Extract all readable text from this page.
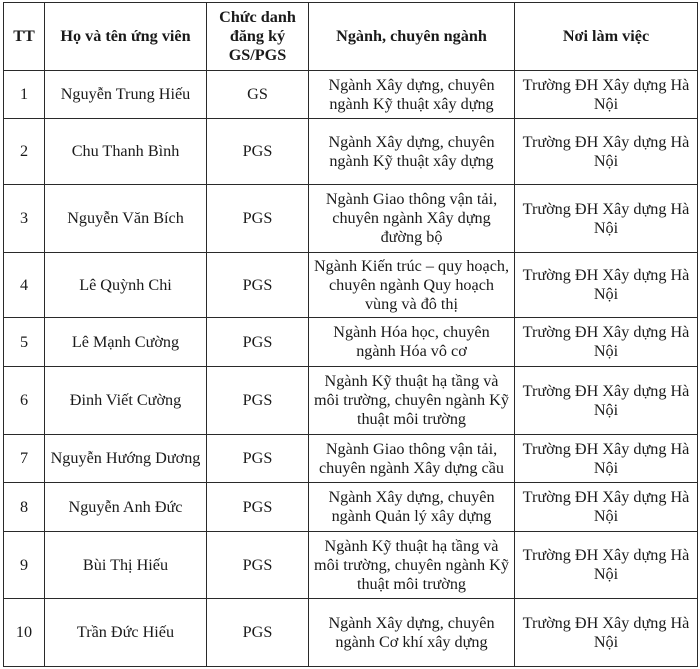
TT	Họ và tên ứng viên	Chức danh đăng ký GS/PGS	Ngành, chuyên ngành	Nơi làm việc
1	Nguyễn Trung Hiếu	GS	Ngành Xây dựng, chuyên ngành Kỹ thuật xây dựng	Trường ĐH Xây dựng Hà Nội
2	Chu Thanh Bình	PGS	Ngành Xây dựng, chuyên ngành Kỹ thuật xây dựng	Trường ĐH Xây dựng Hà Nội
3	Nguyễn Văn Bích	PGS	Ngành Giao thông vận tải, chuyên ngành Xây dựng đường bộ	Trường ĐH Xây dựng Hà Nội
4	Lê Quỳnh Chi	PGS	Ngành Kiến trúc – quy hoạch, chuyên ngành Quy hoạch vùng và đô thị	Trường ĐH Xây dựng Hà Nội
5	Lê Mạnh Cường	PGS	Ngành Hóa học, chuyên ngành Hóa vô cơ	Trường ĐH Xây dựng Hà Nội
6	Đinh Viết Cường	PGS	Ngành Kỹ thuật hạ tầng và môi trường, chuyên ngành Kỹ thuật môi trường	Trường ĐH Xây dựng Hà Nội
7	Nguyễn Hướng Dương	PGS	Ngành Giao thông vận tải, chuyên ngành Xây dựng cầu	Trường ĐH Xây dựng Hà Nội
8	Nguyễn Anh Đức	PGS	Ngành Xây dựng, chuyên ngành Quản lý xây dựng	Trường ĐH Xây dựng Hà Nội
9	Bùi Thị Hiếu	PGS	Ngành Kỹ thuật hạ tầng và môi trường, chuyên ngành Kỹ thuật môi trường	Trường ĐH Xây dựng Hà Nội
10	Trần Đức Hiếu	PGS	Ngành Xây dựng, chuyên ngành Cơ khí xây dựng	Trường ĐH Xây dựng Hà Nội
